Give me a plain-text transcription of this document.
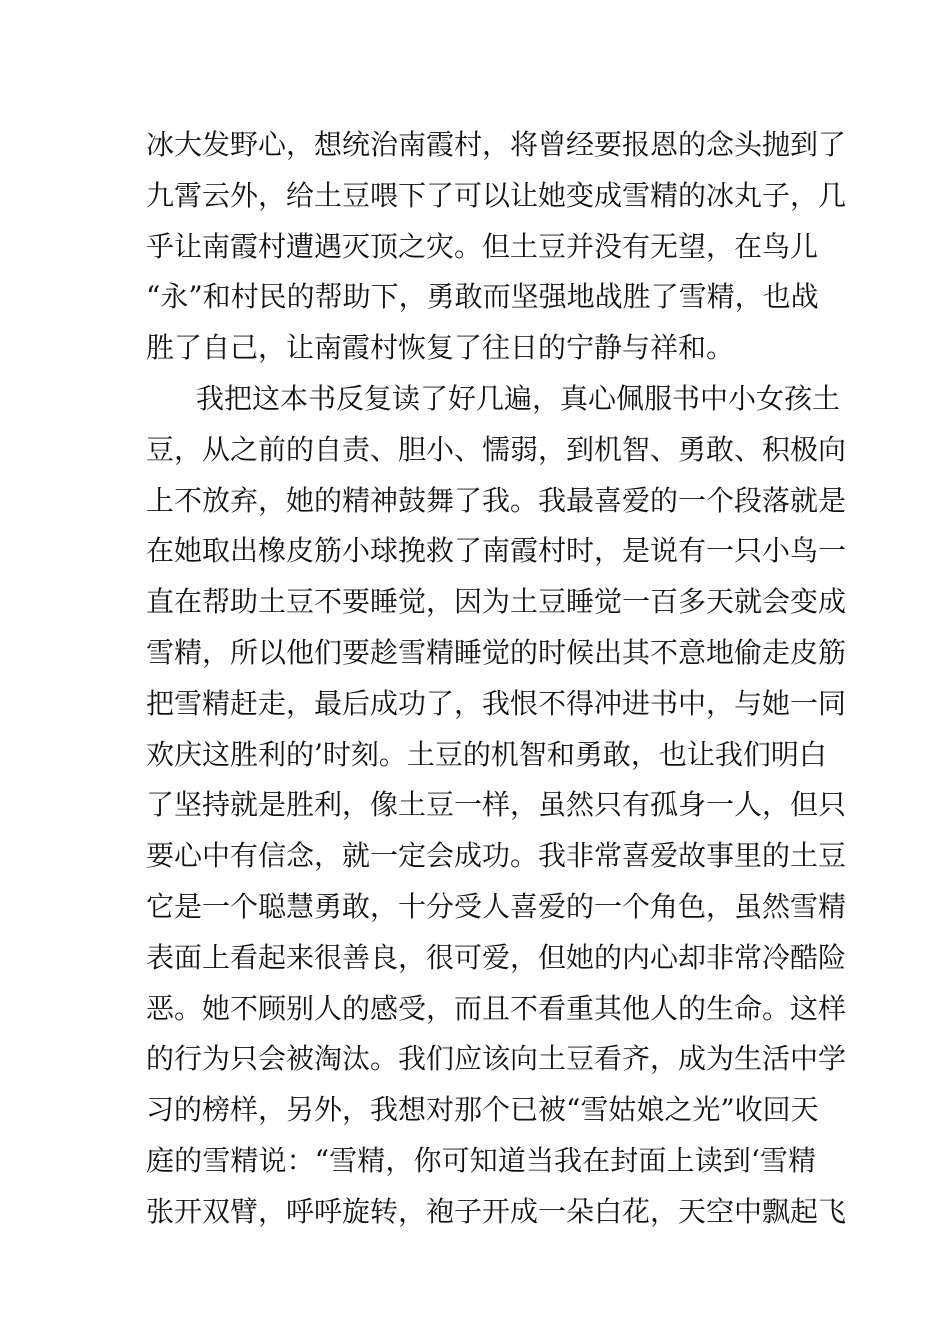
冰大发野心，想统治南霞村，将曾经要报恩的念头抛到了
九霄云外，给土豆喂下了可以让她变成雪精的冰丸子，几
乎让南霞村遭遇灭顶之灾。但土豆并没有无望，在鸟儿
“永”和村民的帮助下，勇敢而坚强地战胜了雪精，也战
胜了自己，让南霞村恢复了往日的宁静与祥和。
我把这本书反复读了好几遍，真心佩服书中小女孩土
豆，从之前的自责、胆小、懦弱，到机智、勇敢、积极向
上不放弃，她的精神鼓舞了我。我最喜爱的一个段落就是
在她取出橡皮筋小球挽救了南霞村时，是说有一只小鸟一
直在帮助土豆不要睡觉，因为土豆睡觉一百多天就会变成
雪精，所以他们要趁雪精睡觉的时候出其不意地偷走皮筋
把雪精赶走，最后成功了，我恨不得冲进书中，与她一同
欢庆这胜利的’时刻。土豆的机智和勇敢，也让我们明白
了坚持就是胜利，像土豆一样，虽然只有孤身一人，但只
要心中有信念，就一定会成功。我非常喜爱故事里的土豆
它是一个聪慧勇敢，十分受人喜爱的一个角色，虽然雪精
表面上看起来很善良，很可爱，但她的内心却非常冷酷险
恶。她不顾别人的感受，而且不看重其他人的生命。这样
的行为只会被淘汰。我们应该向土豆看齐，成为生活中学
习的榜样，另外，我想对那个已被“雪姑娘之光”收回天
庭的雪精说：“雪精，你可知道当我在封面上读到‘雪精
张开双臂，呼呼旋转，袍子开成一朵白花，天空中飘起飞
